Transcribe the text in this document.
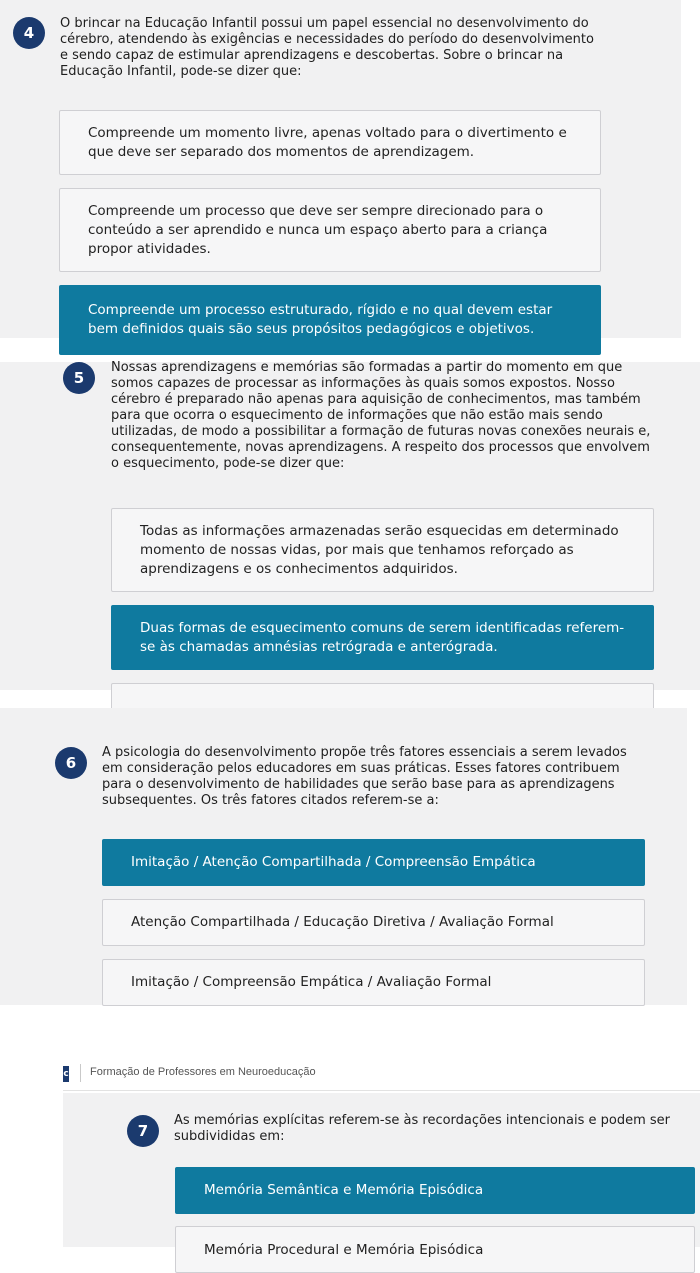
4

O brincar na Educação Infantil possui um papel essencial no desenvolvimento do cérebro, atendendo às exigências e necessidades do período do desenvolvimento e sendo capaz de estimular aprendizagens e descobertas. Sobre o brincar na Educação Infantil, pode-se dizer que:

Compreende um momento livre, apenas voltado para o divertimento e que deve ser separado dos momentos de aprendizagem.
Compreende um processo que deve ser sempre direcionado para o conteúdo a ser aprendido e nunca um espaço aberto para a criança propor atividades.
Compreende um processo estruturado, rígido e no qual devem estar bem definidos quais são seus propósitos pedagógicos e objetivos.
5

Nossas aprendizagens e memórias são formadas a partir do momento em que somos capazes de processar as informações às quais somos expostos. Nosso cérebro é preparado não apenas para aquisição de conhecimentos, mas também para que ocorra o esquecimento de informações que não estão mais sendo utilizadas, de modo a possibilitar a formação de futuras novas conexões neurais e, consequentemente, novas aprendizagens. A respeito dos processos que envolvem o esquecimento, pode-se dizer que:

Todas as informações armazenadas serão esquecidas em determinado momento de nossas vidas, por mais que tenhamos reforçado as aprendizagens e os conhecimentos adquiridos.
Duas formas de esquecimento comuns de serem identificadas referem-se às chamadas amnésias retrógrada e anterógrada.
6

A psicologia do desenvolvimento propõe três fatores essenciais a serem levados em consideração pelos educadores em suas práticas. Esses fatores contribuem para o desenvolvimento de habilidades que serão base para as aprendizagens subsequentes. Os três fatores citados referem-se a:

Imitação / Atenção Compartilhada / Compreensão Empática
Atenção Compartilhada / Educação Diretiva / Avaliação Formal
Imitação / Compreensão Empática / Avaliação Formal
c Formação de Professores em Neuroeducação
7

As memórias explícitas referem-se às recordações intencionais e podem ser subdivididas em:

Memória Semântica e Memória Episódica
Memória Procedural e Memória Episódica
